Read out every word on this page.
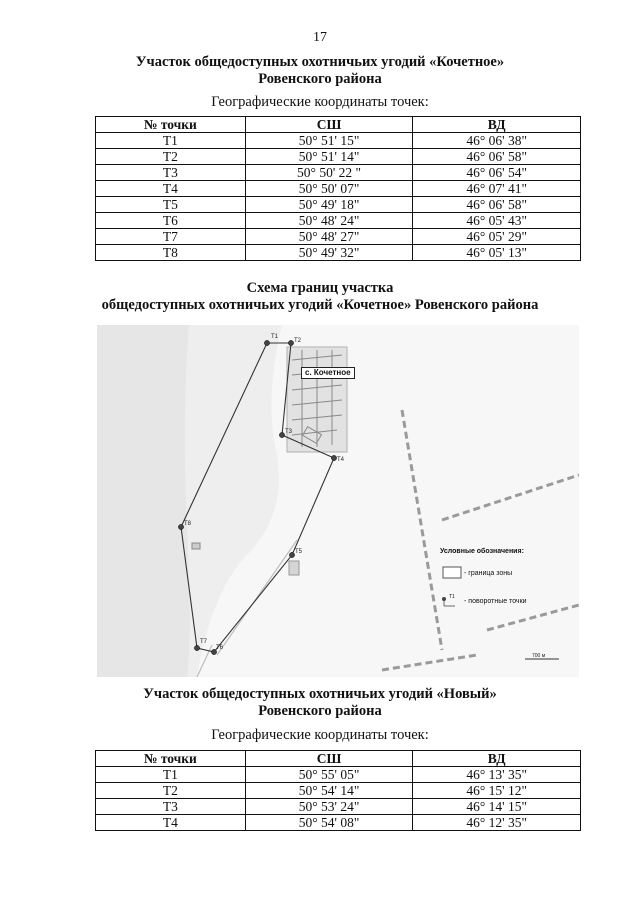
17
Участок общедоступных охотничьих угодий «Кочетное»
Ровенского района
Географические координаты точек:
№ точки	СШ	ВД
Т1	50° 51' 15"	46° 06' 38"
Т2	50° 51' 14"	46° 06' 58"
Т3	50° 50' 22 "	46° 06' 54"
Т4	50° 50' 07"	46° 07' 41"
Т5	50° 49' 18"	46° 06' 58"
Т6	50° 48' 24"	46° 05' 43"
Т7	50° 48' 27"	46° 05' 29"
Т8	50° 49' 32"	46° 05' 13"
Схема границ участка
общедоступных охотничьих угодий «Кочетное» Ровенского района
Т1
Т2
Т3
Т4
Т5
Т6
Т7
Т8
700 м
с. Кочетное
Условные обозначения:
- граница зоны
Т1
- поворотные точки
Участок общедоступных охотничьих угодий «Новый»
Ровенского района
Географические координаты точек:
№ точки	СШ	ВД
Т1	50° 55' 05"	46° 13' 35"
Т2	50° 54' 14"	46° 15' 12"
Т3	50° 53' 24"	46° 14' 15"
Т4	50° 54' 08"	46° 12' 35"
